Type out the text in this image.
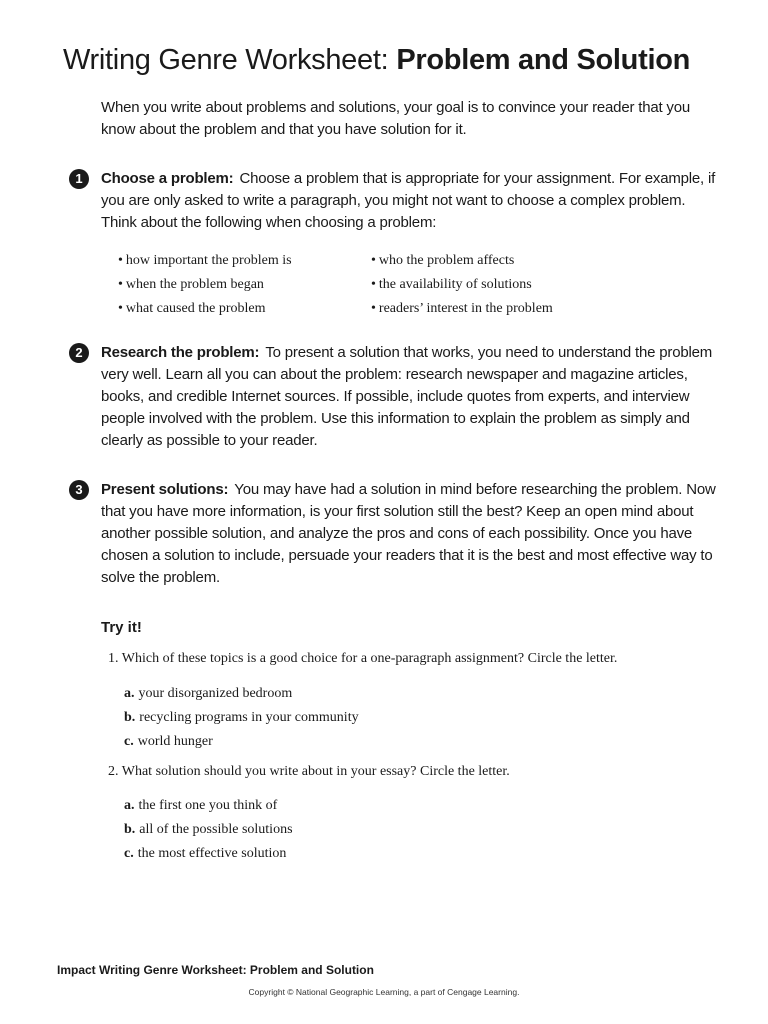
Writing Genre Worksheet: Problem and Solution
When you write about problems and solutions, your goal is to convince your reader that you know about the problem and that you have solution for it.
1	Choose a problem: Choose a problem that is appropriate for your assignment. For example, if you are only asked to write a paragraph, you might not want to choose a complex problem. Think about the following when choosing a problem:
• how important the problem is
• when the problem began
• what caused the problem
• who the problem affects
• the availability of solutions
• readers’ interest in the problem
2	Research the problem: To present a solution that works, you need to understand the problem very well. Learn all you can about the problem: research newspaper and magazine articles, books, and credible Internet sources. If possible, include quotes from experts, and interview people involved with the problem. Use this information to explain the problem as simply and clearly as possible to your reader.
3	Present solutions: You may have had a solution in mind before researching the problem. Now that you have more information, is your first solution still the best? Keep an open mind about another possible solution, and analyze the pros and cons of each possibility. Once you have chosen a solution to include, persuade your readers that it is the best and most effective way to solve the problem.
Try it!
1. Which of these topics is a good choice for a one-paragraph assignment? Circle the letter.
a. your disorganized bedroom
b. recycling programs in your community
c. world hunger
2. What solution should you write about in your essay? Circle the letter.
a. the first one you think of
b. all of the possible solutions
c. the most effective solution
Impact Writing Genre Worksheet: Problem and Solution
Copyright © National Geographic Learning, a part of Cengage Learning.
